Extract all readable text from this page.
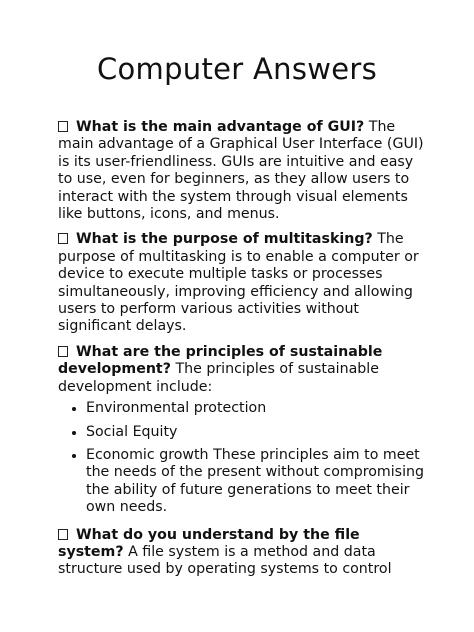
Computer Answers

What is the main advantage of GUI? The main advantage of a Graphical User Interface (GUI) is its user-friendliness. GUIs are intuitive and easy to use, even for beginners, as they allow users to interact with the system through visual elements like buttons, icons, and menus.

What is the purpose of multitasking? The purpose of multitasking is to enable a computer or device to execute multiple tasks or processes simultaneously, improving efficiency and allowing users to perform various activities without significant delays.

What are the principles of sustainable development? The principles of sustainable development include:

Environmental protection
Social Equity
Economic growth These principles aim to meet the needs of the present without compromising the ability of future generations to meet their own needs.

What do you understand by the file system? A file system is a method and data structure used by operating systems to control
